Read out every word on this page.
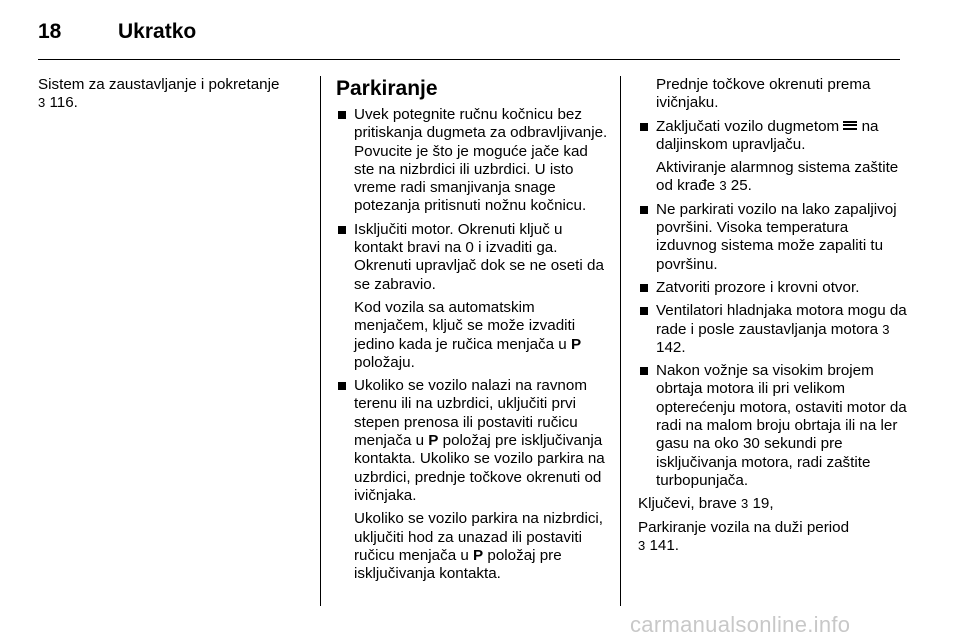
18	Ukratko
Sistem za zaustavljanje i pokretanje
3 116.
Parkiranje
Uvek potegnite ručnu kočnicu bez pritiskanja dugmeta za odbravljivanje. Povucite je što je moguće jače kad ste na nizbrdici ili uzbrdici. U isto vreme radi smanjivanja snage potezanja pritisnuti nožnu kočnicu.
Isključiti motor. Okrenuti ključ u kontakt bravi na 0 i izvaditi ga. Okrenuti upravljač dok se ne oseti da se zabravio.
Kod vozila sa automatskim menjačem, ključ se može izvaditi jedino kada je ručica menjača u P položaju.
Ukoliko se vozilo nalazi na ravnom terenu ili na uzbrdici, uključiti prvi stepen prenosa ili postaviti ručicu menjača u P položaj pre isključivanja kontakta. Ukoliko se vozilo parkira na uzbrdici, prednje točkove okrenuti od ivičnjaka.
Ukoliko se vozilo parkira na nizbrdici, uključiti hod za unazad ili postaviti ručicu menjača u P položaj pre isključivanja kontakta.
Prednje točkove okrenuti prema ivičnjaku.
Zaključati vozilo dugmetom  na daljinskom upravljaču.
Aktiviranje alarmnog sistema zaštite od krađe 3 25.
Ne parkirati vozilo na lako zapaljivoj površini. Visoka temperatura izduvnog sistema može zapaliti tu površinu.
Zatvoriti prozore i krovni otvor.
Ventilatori hladnjaka motora mogu da rade i posle zaustavljanja motora 3 142.
Nakon vožnje sa visokim brojem obrtaja motora ili pri velikom opterećenju motora, ostaviti motor da radi na malom broju obrtaja ili na ler gasu na oko 30 sekundi pre isključivanja motora, radi zaštite turbopunjača.
Ključevi, brave 3 19,
Parkiranje vozila na duži period
3 141.
carmanualsonline.info
